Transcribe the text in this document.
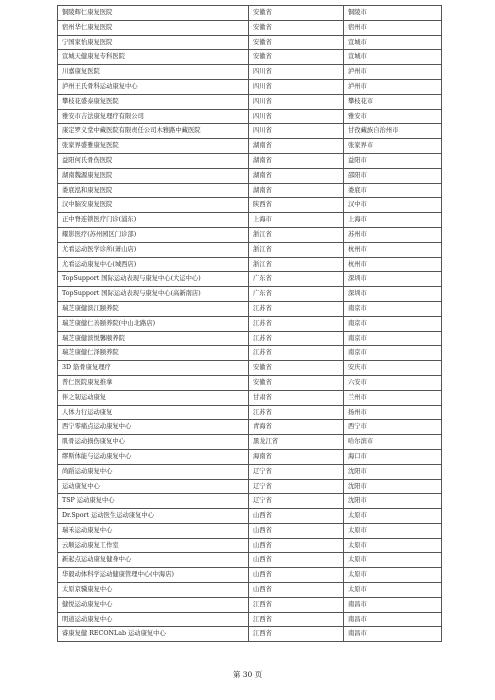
铜陵辉仁康复医院	安徽省	铜陵市
宿州华仁康复医院	安徽省	宿州市
宁国家怡康复医院	安徽省	宣城市
宣城天健康复专科医院	安徽省	宣城市
川嘉康复医院	四川省	泸州市
泸州王氏骨科运动康复中心	四川省	泸州市
攀枝花盛泰康复医院	四川省	攀枝花市
雅安市吉法康复理疗有限公司	四川省	雅安市
康定罗义堂中藏医院有限责任公司木雅路中藏医院	四川省	甘孜藏族自治州市
张家界盛雅康复医院	湖南省	张家界市
益阳何氏骨伤医院	湖南省	益阳市
湖南魏源康复医院	湖南省	邵阳市
娄底泓和康复医院	湖南省	娄底市
汉中脑安康复医院	陕西省	汉中市
正中脊连锁医疗门诊(浦东)	上海市	上海市
耀影医疗(苏州园区门诊部)	浙江省	苏州市
尤看运动医学诊所(萧山店)	浙江省	杭州市
尤看运动康复中心(城西店)	浙江省	杭州市
TopSupport 国际运动表现与康复中心(大运中心)	广东省	深圳市
TopSupport 国际运动表现与康复中心(高新南店)	广东省	深圳市
瑞芝康健滨江颐养院	江苏省	南京市
瑞芝康健仁善颐养院(中山北路店)	江苏省	南京市
瑞芝康健滨悦馨颐养院	江苏省	南京市
瑞芝康健仁泽颐养院	江苏省	南京市
3D 筋骨康复理疗	安徽省	安庆市
普仁医院康复推拿	安徽省	六安市
伴之韧运动康复	甘肃省	兰州市
人体力行运动康复	江苏省	扬州市
西宁零痛点运动康复中心	青海省	西宁市
肌骨运动损伤康复中心	黑龙江省	哈尔滨市
缪斯体能与运动康复中心	海南省	海口市
尚蹈运动康复中心	辽宁省	沈阳市
运动康复中心	辽宁省	沈阳市
TSP 运动康复中心	辽宁省	沈阳市
Dr.Sport 运动医生运动康复中心	山西省	太原市
瑞禾运动康复中心	山西省	太原市
云顺运动康复工作室	山西省	太原市
新起点运动康复健身中心	山西省	太原市
华毅动体科学运动健康管理中心(中海店)	山西省	太原市
太原京骥康复中心	山西省	太原市
健悦运动康复中心	江西省	南昌市
明道运动康复中心	江西省	南昌市
睿康复健 RECONLab 运动康复中心	江西省	南昌市
第 30 页
